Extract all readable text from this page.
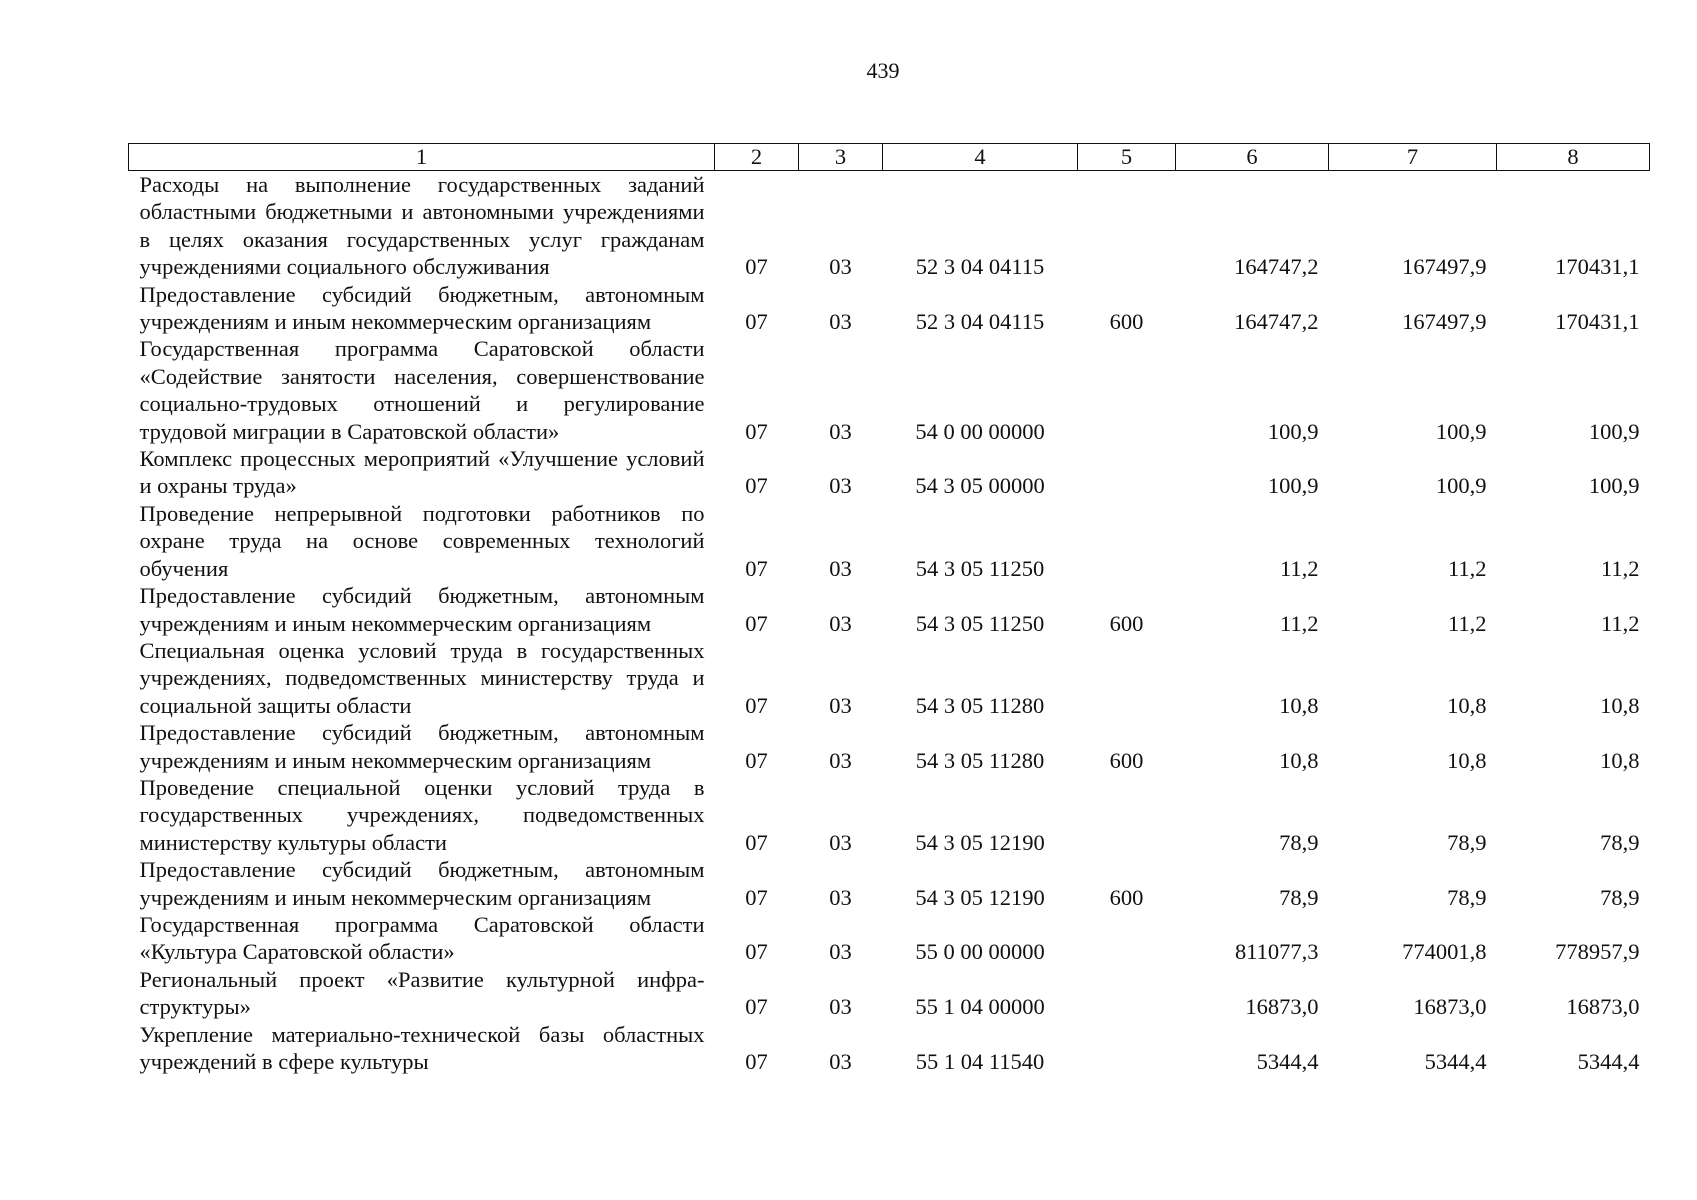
439
1	2	3	4	5	6	7	8
Расходы на выполнение государственных заданий областными бюджетными и автономными учреждениями в целях оказания государственных услуг гражданам учреждениями социального обслуживания	07	03	52 3 04 04115		164747,2	167497,9	170431,1
Предоставление субсидий бюджетным, автономным учреждениям и иным некоммерческим организациям	07	03	52 3 04 04115	600	164747,2	167497,9	170431,1
Государственная программа Саратовской области «Содействие занятости населения, совершенствование социально-трудовых отношений и регулирование трудовой миграции в Саратовской области»	07	03	54 0 00 00000		100,9	100,9	100,9
Комплекс процессных мероприятий «Улучшение условий и охраны труда»	07	03	54 3 05 00000		100,9	100,9	100,9
Проведение непрерывной подготовки работников по охране труда на основе современных технологий обучения	07	03	54 3 05 11250		11,2	11,2	11,2
Предоставление субсидий бюджетным, автономным учреждениям и иным некоммерческим организациям	07	03	54 3 05 11250	600	11,2	11,2	11,2
Специальная оценка условий труда в государственных учреждениях, подведомственных министерству труда и социальной защиты области	07	03	54 3 05 11280		10,8	10,8	10,8
Предоставление субсидий бюджетным, автономным учреждениям и иным некоммерческим организациям	07	03	54 3 05 11280	600	10,8	10,8	10,8
Проведение специальной оценки условий труда в государственных учреждениях, подведомственных министерству культуры области	07	03	54 3 05 12190		78,9	78,9	78,9
Предоставление субсидий бюджетным, автономным учреждениям и иным некоммерческим организациям	07	03	54 3 05 12190	600	78,9	78,9	78,9
Государственная программа Саратовской области «Культура Саратовской области»	07	03	55 0 00 00000		811077,3	774001,8	778957,9
Региональный проект «Развитие культурной инфраструктуры»	07	03	55 1 04 00000		16873,0	16873,0	16873,0
Укрепление материально-технической базы областных учреждений в сфере культуры	07	03	55 1 04 11540		5344,4	5344,4	5344,4
